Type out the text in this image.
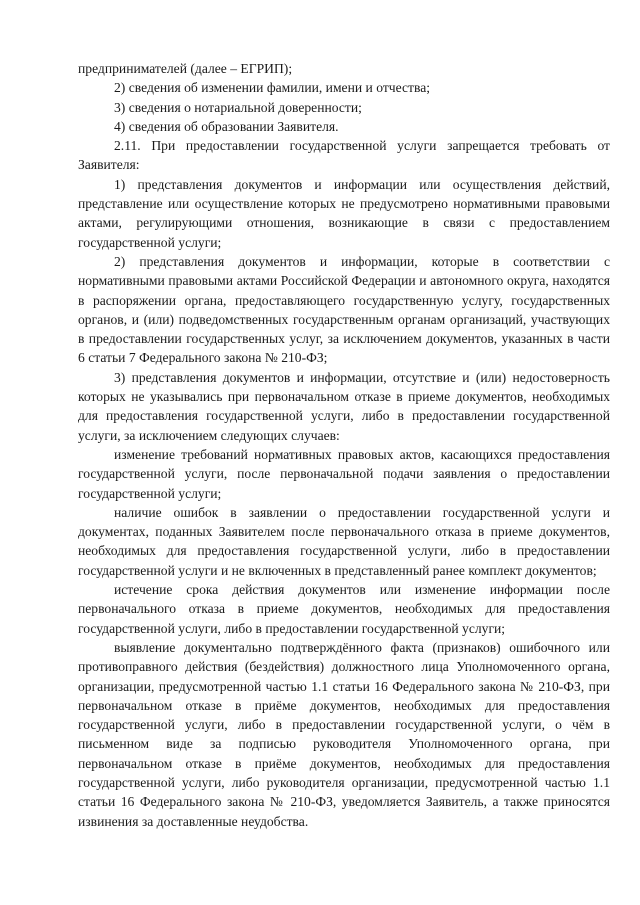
предпринимателей (далее – ЕГРИП);

2) сведения об изменении фамилии, имени и отчества;

3) сведения о нотариальной доверенности;

4) сведения об образовании Заявителя.

2.11. При предоставлении государственной услуги запрещается требовать от Заявителя:

1) представления документов и информации или осуществления действий, представление или осуществление которых не предусмотрено нормативными правовыми актами, регулирующими отношения, возникающие в связи с предоставлением государственной услуги;

2) представления документов и информации, которые в соответствии с нормативными правовыми актами Российской Федерации и автономного округа, находятся в распоряжении органа, предоставляющего государственную услугу, государственных органов, и (или) подведомственных государственным органам организаций, участвующих в предоставлении государственных услуг, за исключением документов, указанных в части 6 статьи 7 Федерального закона № 210-ФЗ;

3) представления документов и информации, отсутствие и (или) недостоверность которых не указывались при первоначальном отказе в приеме документов, необходимых для предоставления государственной услуги, либо в предоставлении государственной услуги, за исключением следующих случаев:

изменение требований нормативных правовых актов, касающихся предоставления государственной услуги, после первоначальной подачи заявления о предоставлении государственной услуги;

наличие ошибок в заявлении о предоставлении государственной услуги и документах, поданных Заявителем после первоначального отказа в приеме документов, необходимых для предоставления государственной услуги, либо в предоставлении государственной услуги и не включенных в представленный ранее комплект документов;

истечение срока действия документов или изменение информации после первоначального отказа в приеме документов, необходимых для предоставления государственной услуги, либо в предоставлении государственной услуги;

выявление документально подтверждённого факта (признаков) ошибочного или противоправного действия (бездействия) должностного лица Уполномоченного органа, организации, предусмотренной частью 1.1 статьи 16 Федерального закона № 210-ФЗ, при первоначальном отказе в приёме документов, необходимых для предоставления государственной услуги, либо в предоставлении государственной услуги, о чём в письменном виде за подписью руководителя Уполномоченного органа, при первоначальном отказе в приёме документов, необходимых для предоставления государственной услуги, либо руководителя организации, предусмотренной частью 1.1 статьи 16 Федерального закона № 210-ФЗ, уведомляется Заявитель, а также приносятся извинения за доставленные неудобства.
